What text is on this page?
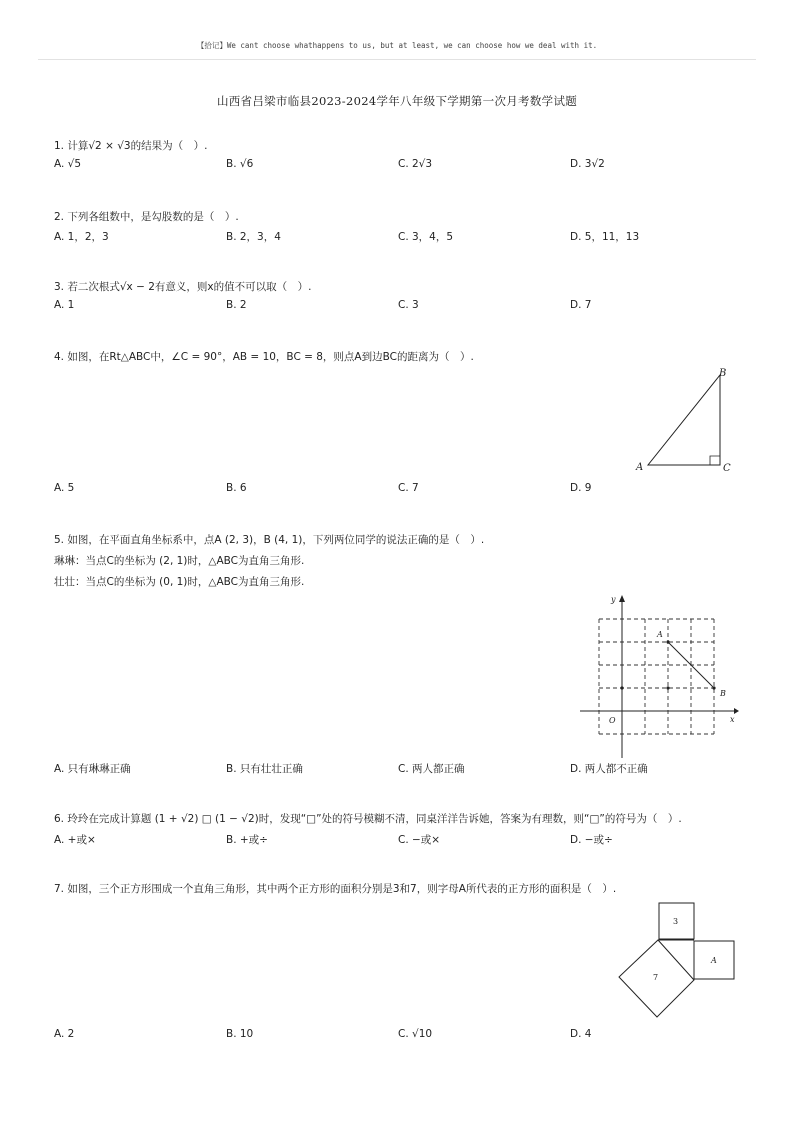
【拾记】We cant choose whathappens to us, but at least, we can choose how we deal with it.
山西省吕梁市临县2023-2024学年八年级下学期第一次月考数学试题
1. 计算√2 × √3的结果为（　）.
A. √5	B. √6	C. 2√3	D. 3√2
2. 下列各组数中，是勾股数的是（　）.
A. 1，2，3	B. 2，3，4	C. 3，4，5	D. 5，11，13
3. 若二次根式√x − 2有意义，则x的值不可以取（　）.
A. 1	B. 2	C. 3	D. 7
4. 如图，在Rt△ABC中，∠C = 90°，AB = 10，BC = 8，则点A到边BC的距离为（　）.
A
B
C
A. 5	B. 6	C. 7	D. 9
5. 如图，在平面直角坐标系中，点A (2, 3)，B (4, 1)，下列两位同学的说法正确的是（　）.
琳琳：当点C的坐标为 (2, 1)时，△ABC为直角三角形.
壮壮：当点C的坐标为 (0, 1)时，△ABC为直角三角形.
x
y
O
A
B
A. 只有琳琳正确	B. 只有壮壮正确	C. 两人都正确	D. 两人都不正确
6. 玲玲在完成计算题 (1 + √2) □ (1 − √2)时，发现“□”处的符号模糊不清，同桌洋洋告诉她，答案为有理数，则“□”的符号为（　）.
A. +或×	B. +或÷	C. −或×	D. −或÷
7. 如图，三个正方形围成一个直角三角形，其中两个正方形的面积分别是3和7，则字母A所代表的正方形的面积是（　）.
3
A
7
A. 2	B. 10	C. √10	D. 4
